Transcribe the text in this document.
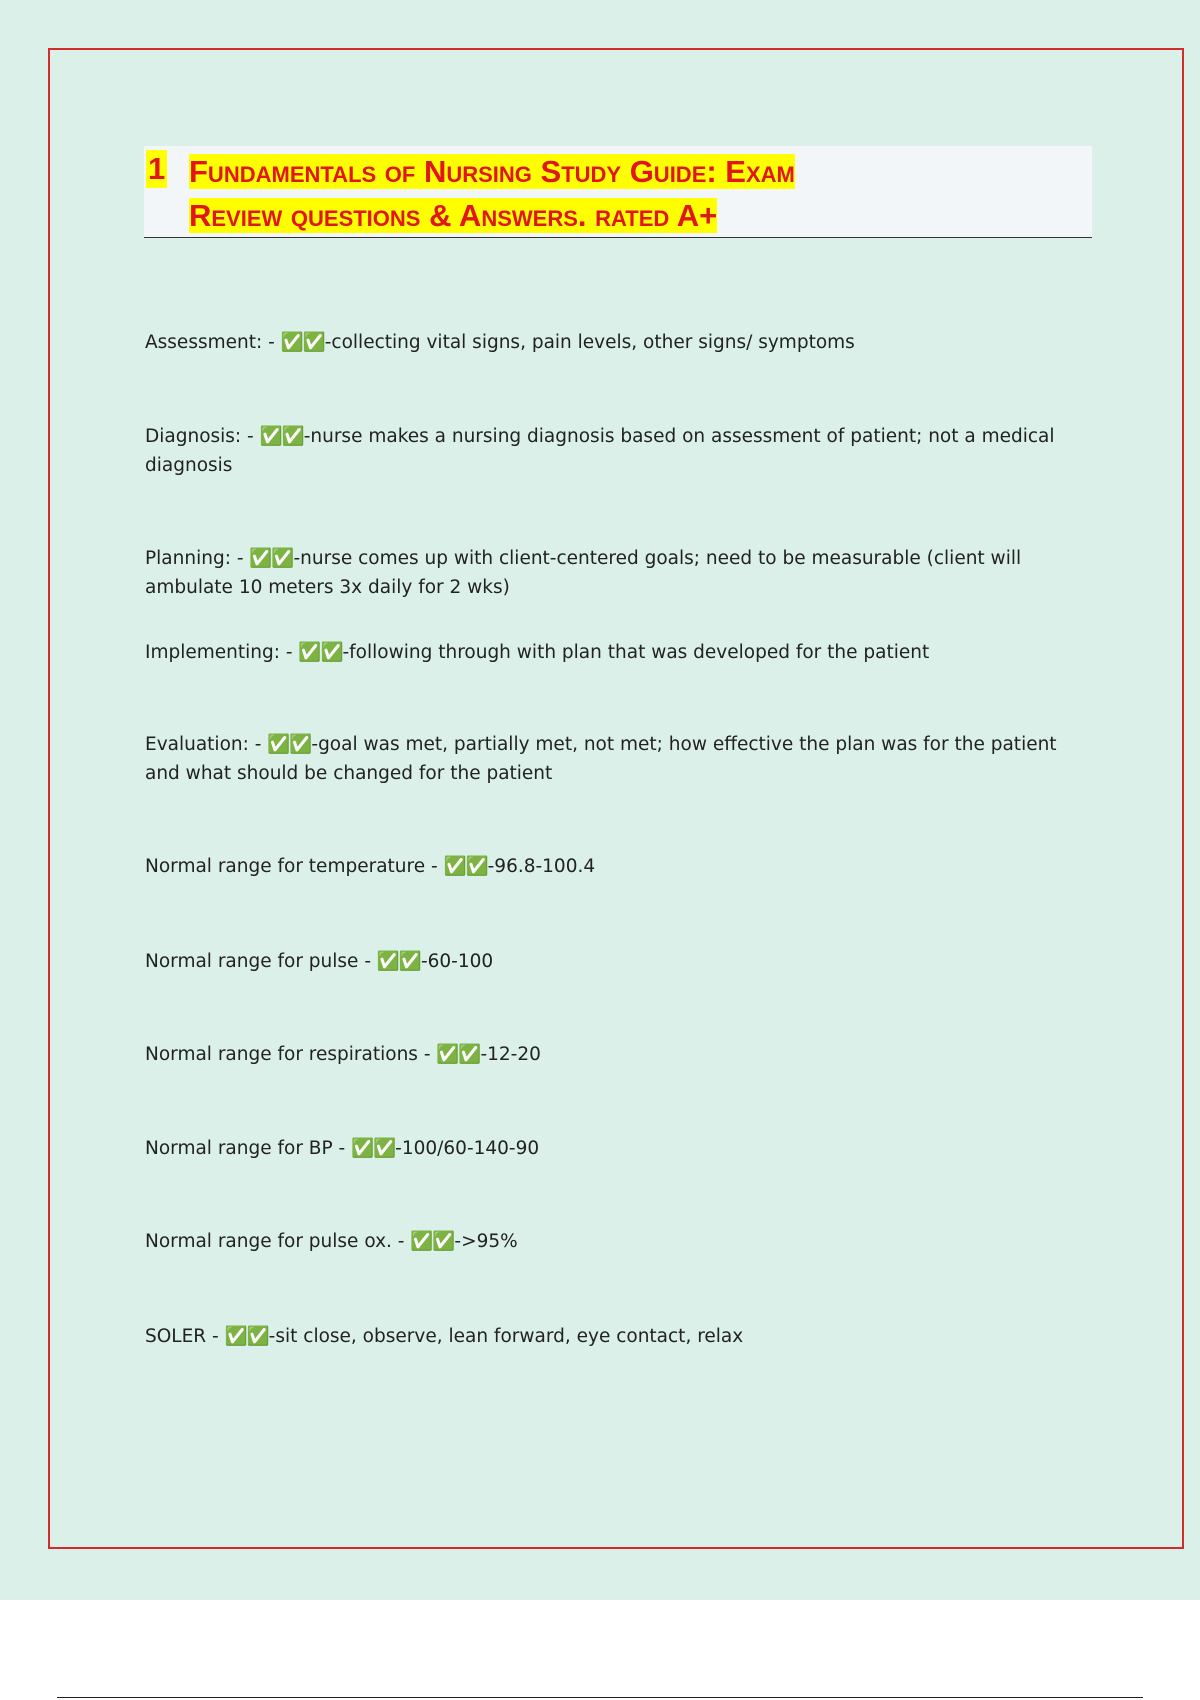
1 Fundamentals of Nursing Study Guide: Exam
Review questions & Answers. rated A+
Assessment: - ✅✅-collecting vital signs, pain levels, other signs/ symptoms
Diagnosis: - ✅✅-nurse makes a nursing diagnosis based on assessment of patient; not a medical diagnosis
Planning: - ✅✅-nurse comes up with client-centered goals; need to be measurable (client will ambulate 10 meters 3x daily for 2 wks)
Implementing: - ✅✅-following through with plan that was developed for the patient
Evaluation: - ✅✅-goal was met, partially met, not met; how effective the plan was for the patient and what should be changed for the patient
Normal range for temperature - ✅✅-96.8-100.4
Normal range for pulse - ✅✅-60-100
Normal range for respirations - ✅✅-12-20
Normal range for BP - ✅✅-100/60-140-90
Normal range for pulse ox. - ✅✅->95%
SOLER - ✅✅-sit close, observe, lean forward, eye contact, relax
